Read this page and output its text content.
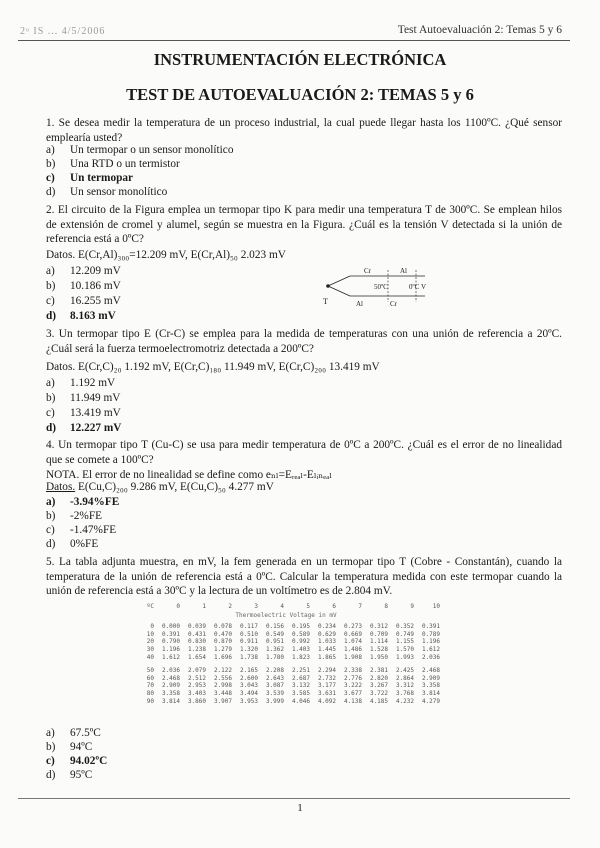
2ᵒ IS ... 4/5/2006	Test Autoevaluación 2: Temas 5 y 6
INSTRUMENTACIÓN ELECTRÓNICA
TEST DE AUTOEVALUACIÓN 2: TEMAS 5 y 6
1. Se desea medir la temperatura de un proceso industrial, la cual puede llegar hasta los 1100ºC. ¿Qué sensor emplearía usted?
a) Un termopar o un sensor monolítico
b) Una RTD o un termistor
c) Un termopar
d) Un sensor monolítico
2. El circuito de la Figura emplea un termopar tipo K para medir una temperatura T de 300ºC. Se emplean hilos de extensión de cromel y alumel, según se muestra en la Figura. ¿Cuál es la tensión V detectada si la unión de referencia está a 0ºC?
Datos. E(Cr,Al)₃₀₀=12.209 mV, E(Cr,Al)₅₀ 2.023 mV
a) 12.209 mV
b) 10.186 mV
c) 16.255 mV
d) 8.163 mV
Cr	Al
50ºC	0ºC V
T	Al	Cr
3. Un termopar tipo E (Cr-C) se emplea para la medida de temperaturas con una unión de referencia a 20ºC. ¿Cuál será la fuerza termoelectromotriz detectada a 200ºC?
Datos. E(Cr,C)₂₀ 1.192 mV, E(Cr,C)₁₈₀ 11.949 mV, E(Cr,C)₂₀₀ 13.419 mV
a) 1.192 mV
b) 11.949 mV
c) 13.419 mV
d) 12.227 mV
4. Un termopar tipo T (Cu-C) se usa para medir temperatura de 0ºC a 200ºC. ¿Cuál es el error de no linealidad que se comete a 100ºC?
NOTA. El error de no linealidad se define como eₙₗ=Eᵣₑₐₗ-Eₗᵢₙₑₐₗ
Datos. E(Cu,C)₂₀₀ 9.286 mV, E(Cu,C)₅₀ 4.277 mV
a) -3.94%FE
b) -2%FE
c) -1.47%FE
d) 0%FE
5. La tabla adjunta muestra, en mV, la fem generada en un termopar tipo T (Cobre - Constantán), cuando la temperatura de la unión de referencia está a 0ºC. Calcular la temperatura medida con este termopar cuando la unión de referencia está a 30ºC y la lectura de un voltímetro es de 2.804 mV.
ºC	0	1	2	3	4	5	6	7	8	9	10

Thermoelectric Voltage in mV											

0	0.000	0.039	0.078	0.117	0.156	0.195	0.234	0.273	0.312	0.352	0.391
10	0.391	0.431	0.470	0.510	0.549	0.589	0.629	0.669	0.709	0.749	0.789
20	0.790	0.830	0.870	0.911	0.951	0.992	1.033	1.074	1.114	1.155	1.196
30	1.196	1.238	1.279	1.320	1.362	1.403	1.445	1.486	1.528	1.570	1.612
40	1.612	1.654	1.696	1.738	1.780	1.823	1.865	1.908	1.950	1.993	2.036

50	2.036	2.079	2.122	2.165	2.208	2.251	2.294	2.338	2.381	2.425	2.468
60	2.468	2.512	2.556	2.600	2.643	2.687	2.732	2.776	2.820	2.864	2.909
70	2.909	2.953	2.998	3.043	3.087	3.132	3.177	3.222	3.267	3.312	3.358
80	3.358	3.403	3.448	3.494	3.539	3.585	3.631	3.677	3.722	3.768	3.814
90	3.814	3.860	3.907	3.953	3.999	4.046	4.092	4.138	4.185	4.232	4.279
a) 67.5ºC
b) 94ºC
c) 94.02ºC
d) 95ºC
1
